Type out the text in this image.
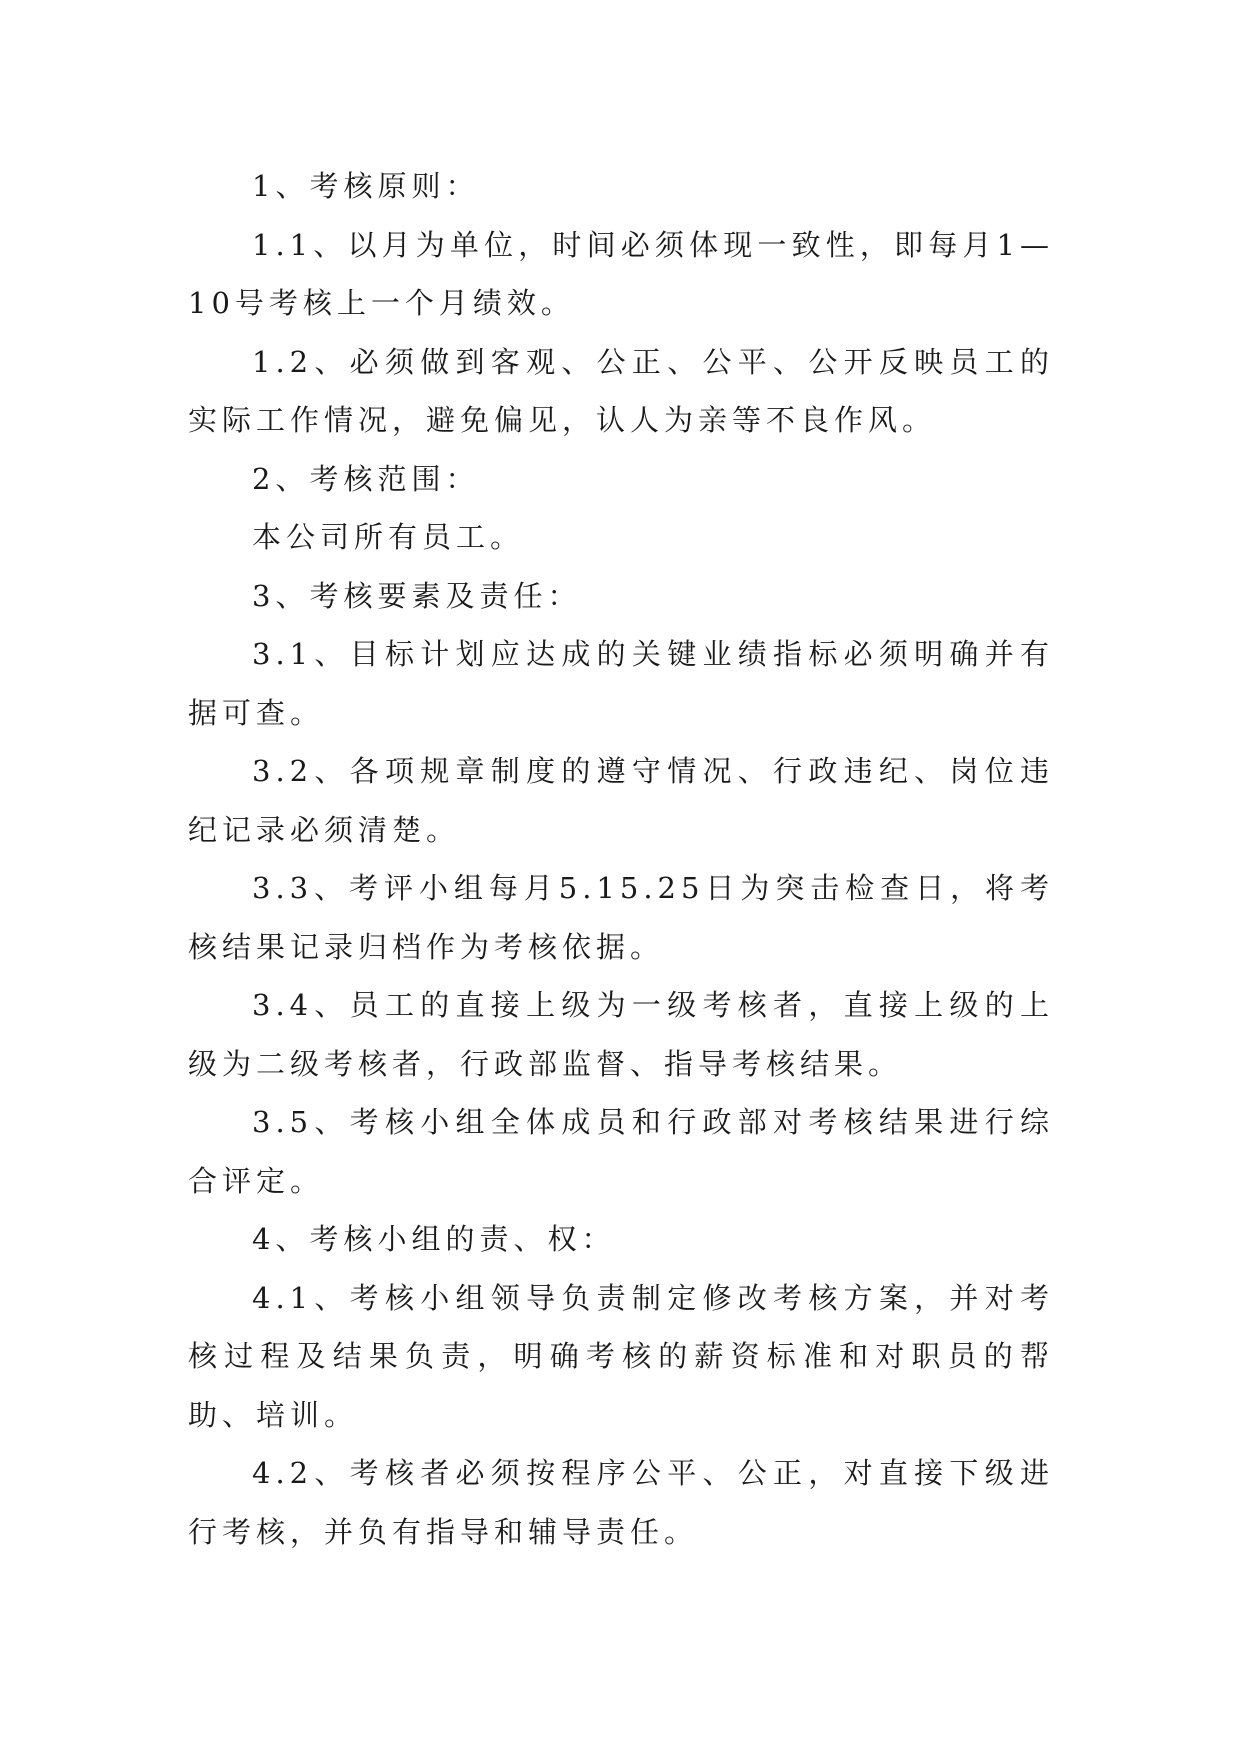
1、考核原则：

1.1、以月为单位，时间必须体现一致性，即每月1—10号考核上一个月绩效。

1.2、必须做到客观、公正、公平、公开反映员工的实际工作情况，避免偏见，认人为亲等不良作风。

2、考核范围：

本公司所有员工。

3、考核要素及责任：

3.1、目标计划应达成的关键业绩指标必须明确并有据可查。

3.2、各项规章制度的遵守情况、行政违纪、岗位违纪记录必须清楚。

3.3、考评小组每月5.15.25日为突击检查日，将考核结果记录归档作为考核依据。

3.4、员工的直接上级为一级考核者，直接上级的上级为二级考核者，行政部监督、指导考核结果。

3.5、考核小组全体成员和行政部对考核结果进行综合评定。

4、考核小组的责、权：

4.1、考核小组领导负责制定修改考核方案，并对考核过程及结果负责，明确考核的薪资标准和对职员的帮助、培训。

4.2、考核者必须按程序公平、公正，对直接下级进行考核，并负有指导和辅导责任。
